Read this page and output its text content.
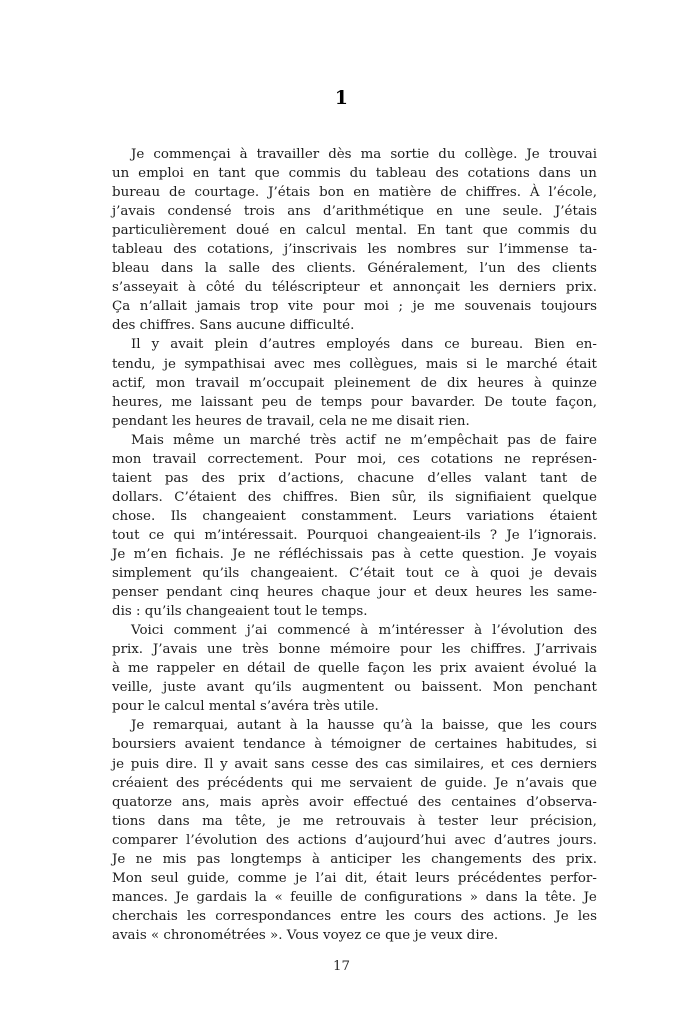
1

Je commençai à travailler dès ma sortie du collège. Je trouvai
un emploi en tant que commis du tableau des cotations dans un
bureau de courtage. J’étais bon en matière de chiffres. À l’école,
j’avais condensé trois ans d’arithmétique en une seule. J’étais
particulièrement doué en calcul mental. En tant que commis du
tableau des cotations, j’inscrivais les nombres sur l’immense ta-
bleau dans la salle des clients. Généralement, l’un des clients
s’asseyait à côté du téléscripteur et annonçait les derniers prix.
Ça n’allait jamais trop vite pour moi ; je me souvenais toujours
des chiffres. Sans aucune difficulté.

Il y avait plein d’autres employés dans ce bureau. Bien en-
tendu, je sympathisai avec mes collègues, mais si le marché était
actif, mon travail m’occupait pleinement de dix heures à quinze
heures, me laissant peu de temps pour bavarder. De toute façon,
pendant les heures de travail, cela ne me disait rien.

Mais même un marché très actif ne m’empêchait pas de faire
mon travail correctement. Pour moi, ces cotations ne représen-
taient pas des prix d’actions, chacune d’elles valant tant de
dollars. C’étaient des chiffres. Bien sûr, ils signifiaient quelque
chose. Ils changeaient constamment. Leurs variations étaient
tout ce qui m’intéressait. Pourquoi changeaient-ils ? Je l’ignorais.
Je m’en fichais. Je ne réfléchissais pas à cette question. Je voyais
simplement qu’ils changeaient. C’était tout ce à quoi je devais
penser pendant cinq heures chaque jour et deux heures les same-
dis : qu’ils changeaient tout le temps.

Voici comment j’ai commencé à m’intéresser à l’évolution des
prix. J’avais une très bonne mémoire pour les chiffres. J’arrivais
à me rappeler en détail de quelle façon les prix avaient évolué la
veille, juste avant qu’ils augmentent ou baissent. Mon penchant
pour le calcul mental s’avéra très utile.

Je remarquai, autant à la hausse qu’à la baisse, que les cours
boursiers avaient tendance à témoigner de certaines habitudes, si
je puis dire. Il y avait sans cesse des cas similaires, et ces derniers
créaient des précédents qui me servaient de guide. Je n’avais que
quatorze ans, mais après avoir effectué des centaines d’observa-
tions dans ma tête, je me retrouvais à tester leur précision,
comparer l’évolution des actions d’aujourd’hui avec d’autres jours.
Je ne mis pas longtemps à anticiper les changements des prix.
Mon seul guide, comme je l’ai dit, était leurs précédentes perfor-
mances. Je gardais la « feuille de configurations » dans la tête. Je
cherchais les correspondances entre les cours des actions. Je les
avais « chronométrées ». Vous voyez ce que je veux dire.

17
